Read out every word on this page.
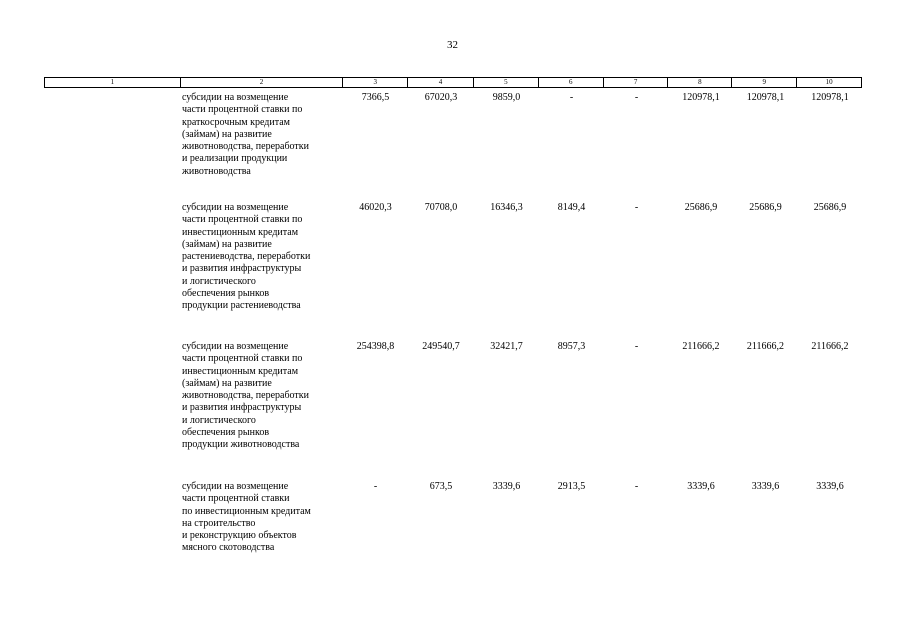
32
1	2	3	4	5	6	7	8	9	10
субсидии на возмещение
части процентной ставки по
краткосрочным кредитам
(займам) на развитие
животноводства, переработки
и реализации продукции
животноводства
7366,5	67020,3	9859,0	-	-	120978,1	120978,1	120978,1
субсидии на возмещение
части процентной ставки по
инвестиционным кредитам
(займам) на развитие
растениеводства, переработки
и развития инфраструктуры
и логистического
обеспечения рынков
продукции растениеводства
46020,3	70708,0	16346,3	8149,4	-	25686,9	25686,9	25686,9
субсидии на возмещение
части процентной ставки по
инвестиционным кредитам
(займам) на развитие
животноводства, переработки
и развития инфраструктуры
и логистического
обеспечения рынков
продукции животноводства
254398,8	249540,7	32421,7	8957,3	-	211666,2	211666,2	211666,2
субсидии на возмещение
части процентной ставки
по инвестиционным кредитам
на строительство
и реконструкцию объектов
мясного скотоводства
-	673,5	3339,6	2913,5	-	3339,6	3339,6	3339,6
